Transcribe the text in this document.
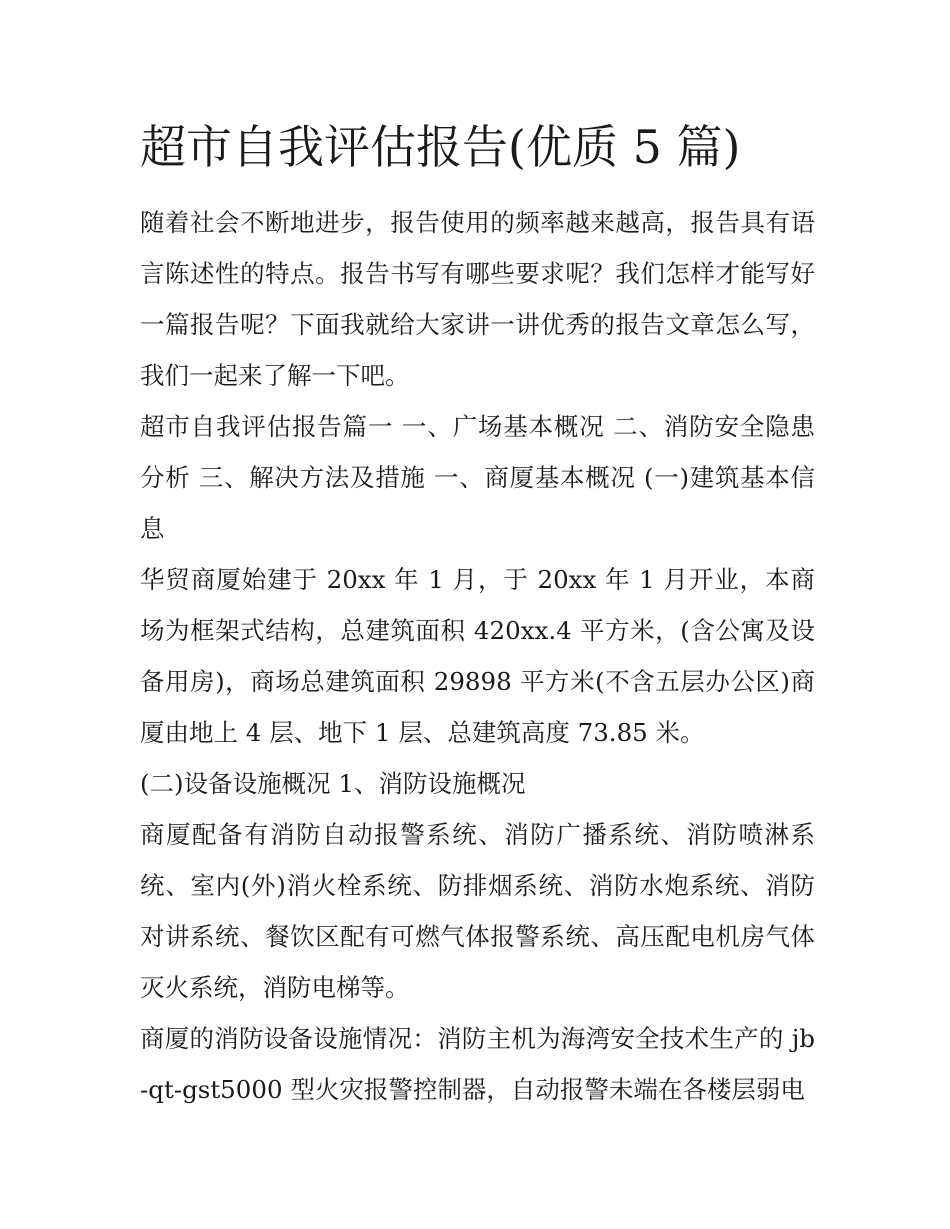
超市自我评估报告(优质 5 篇)

随着社会不断地进步，报告使用的频率越来越高，报告具有语言陈述性的特点。报告书写有哪些要求呢？我们怎样才能写好一篇报告呢？下面我就给大家讲一讲优秀的报告文章怎么写，我们一起来了解一下吧。

超市自我评估报告篇一 一、广场基本概况 二、消防安全隐患分析 三、解决方法及措施 一、商厦基本概况 (一)建筑基本信息

华贸商厦始建于 20xx 年 1 月，于 20xx 年 1 月开业，本商场为框架式结构，总建筑面积 420xx.4 平方米，(含公寓及设备用房)，商场总建筑面积 29898 平方米(不含五层办公区)商厦由地上 4 层、地下 1 层、总建筑高度 73.85 米。

(二)设备设施概况 1、消防设施概况

商厦配备有消防自动报警系统、消防广播系统、消防喷淋系统、室内(外)消火栓系统、防排烟系统、消防水炮系统、消防对讲系统、餐饮区配有可燃气体报警系统、高压配电机房气体灭火系统，消防电梯等。

商厦的消防设备设施情况：消防主机为海湾安全技术生产的 jb-qt-gst5000 型火灾报警控制器，自动报警未端在各楼层弱电
